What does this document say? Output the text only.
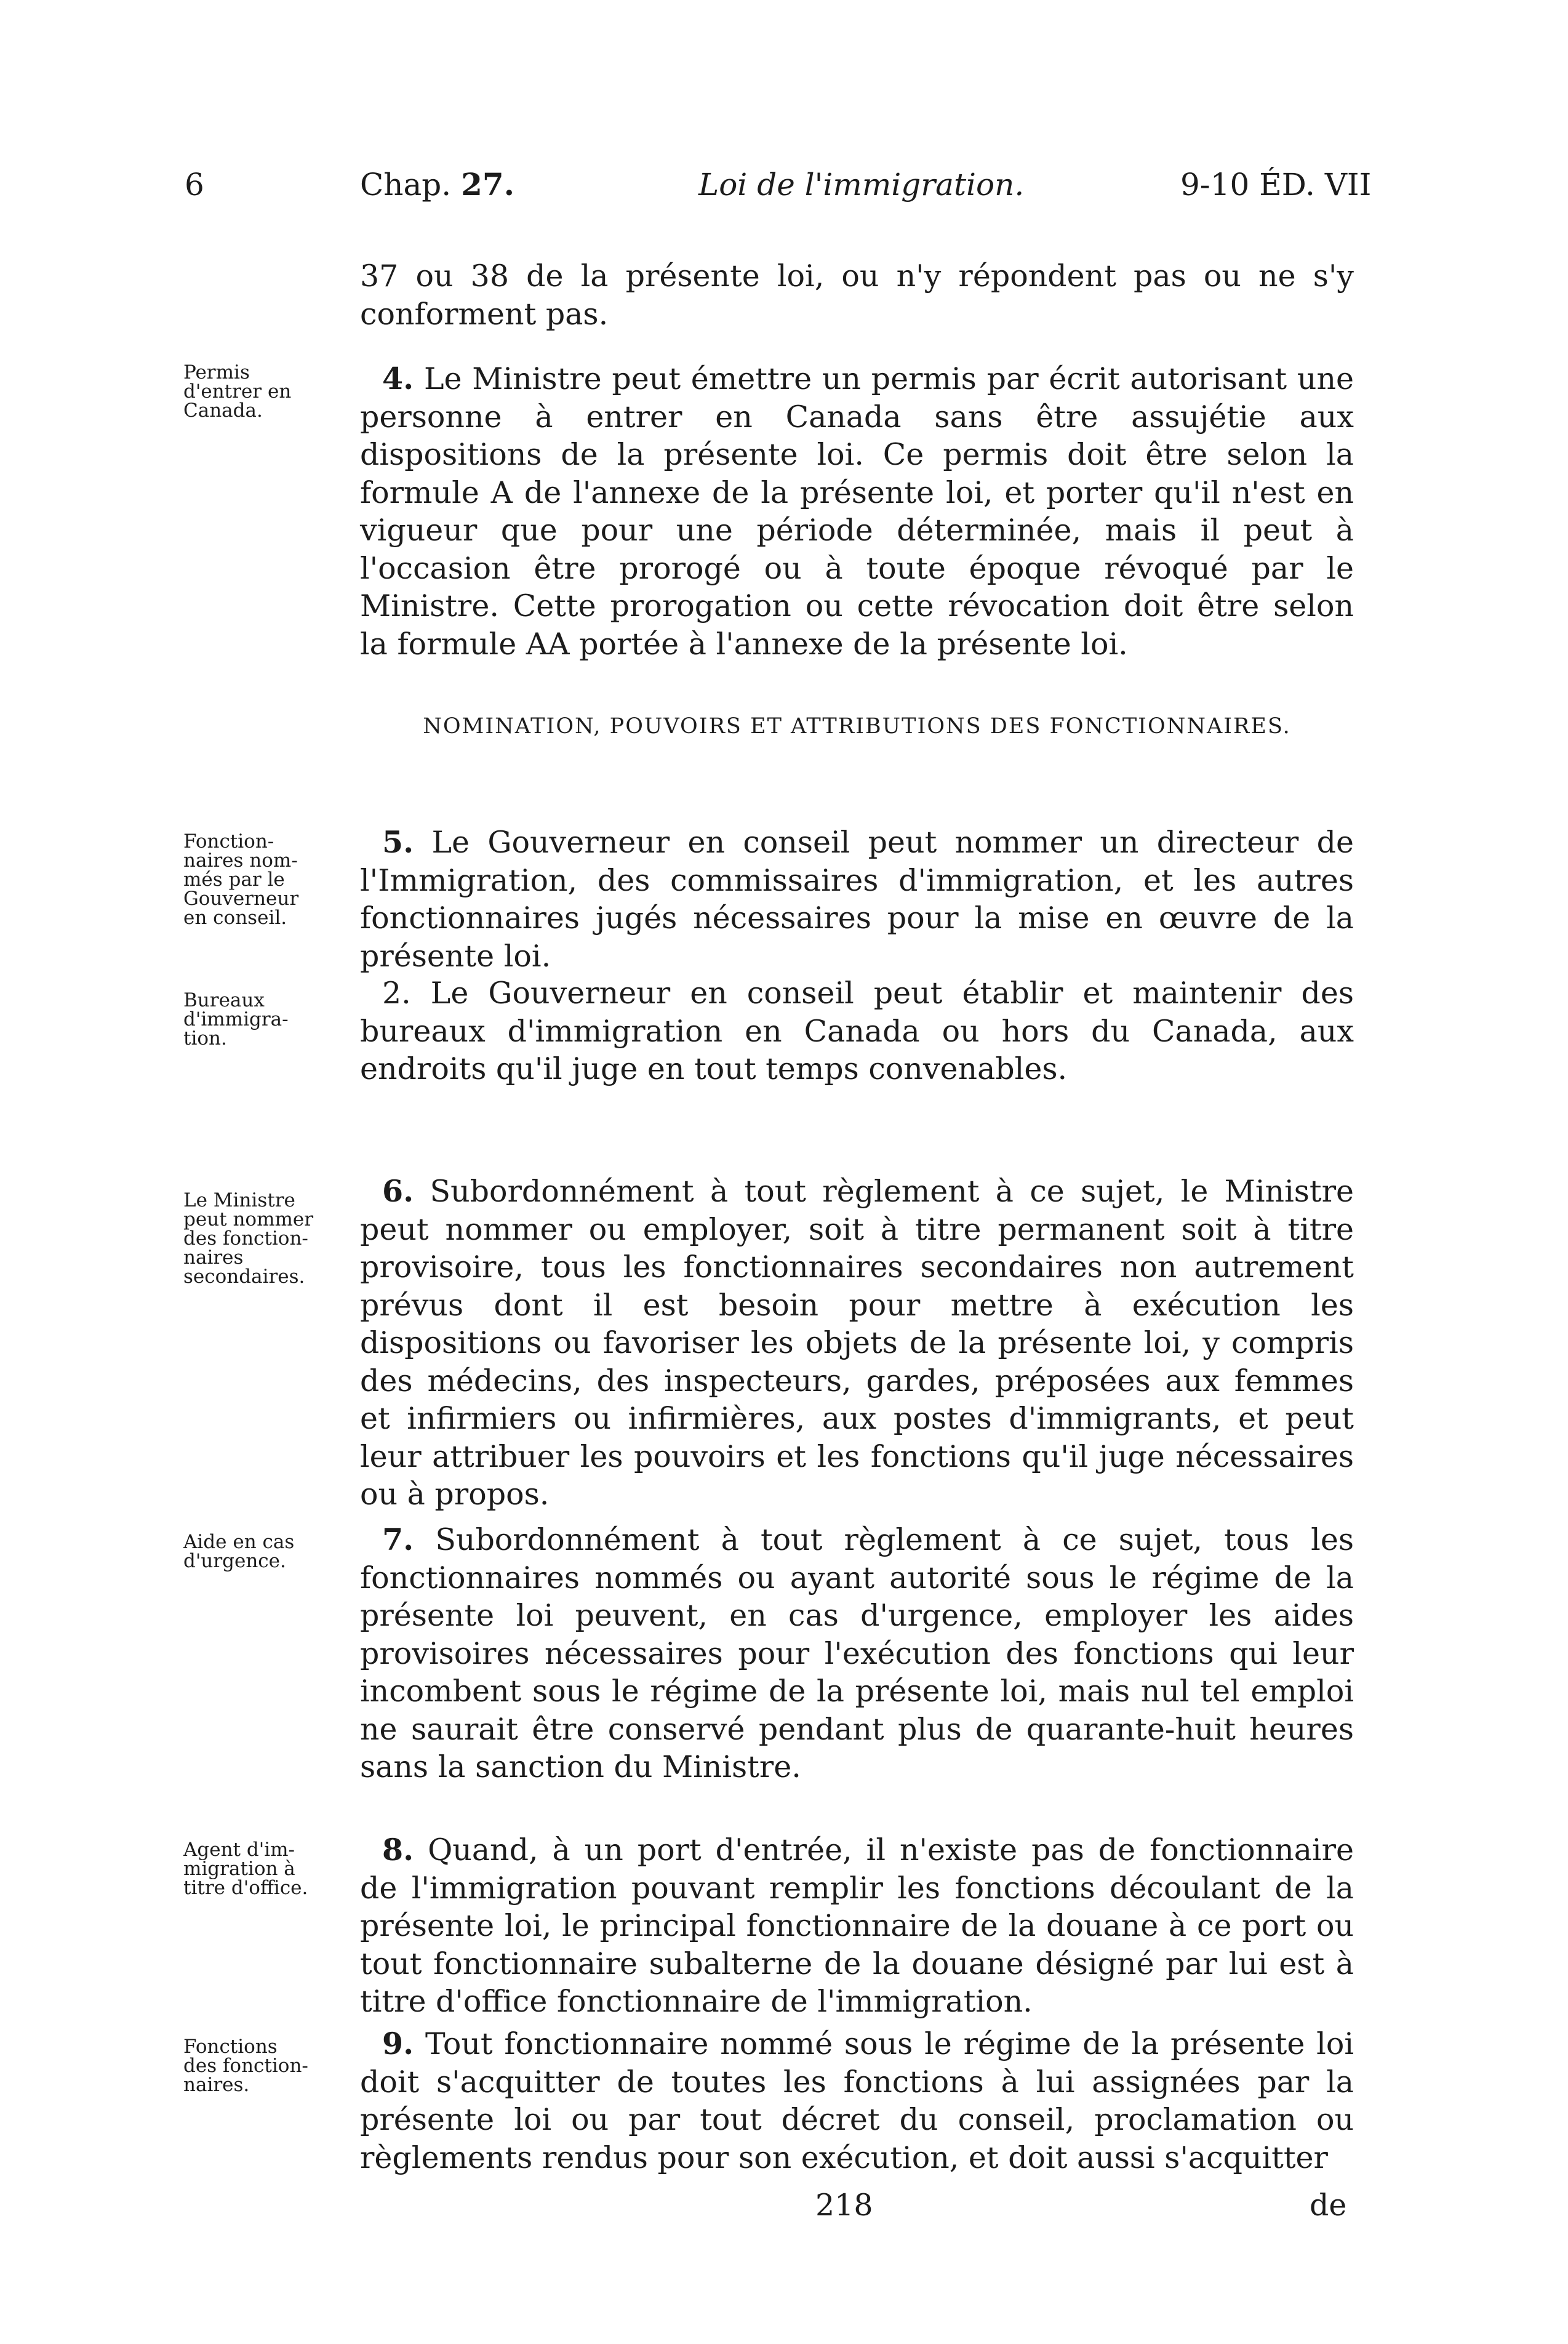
6	Chap. 27.	Loi de l'immigration.	9-10 ÉD. VII

37 ou 38 de la présente loi, ou n'y répondent pas ou ne s'y conforment pas.

Permis
d'entrer en
Canada.

4. Le Ministre peut émettre un permis par écrit autorisant une personne à entrer en Canada sans être assujétie aux dispositions de la présente loi. Ce permis doit être selon la formule A de l'annexe de la présente loi, et porter qu'il n'est en vigueur que pour une période déterminée, mais il peut à l'occasion être prorogé ou à toute époque révoqué par le Ministre. Cette prorogation ou cette révocation doit être selon la formule AA portée à l'annexe de la présente loi.

NOMINATION, POUVOIRS ET ATTRIBUTIONS DES FONCTIONNAIRES.
Fonction-
naires nom-
més par le
Gouverneur
en conseil.

5. Le Gouverneur en conseil peut nommer un directeur de l'Immigration, des commissaires d'immigration, et les autres fonctionnaires jugés nécessaires pour la mise en œuvre de la présente loi.

Bureaux
d'immigra-
tion.

2. Le Gouverneur en conseil peut établir et maintenir des bureaux d'immigration en Canada ou hors du Canada, aux endroits qu'il juge en tout temps convenables.

Le Ministre
peut nommer
des fonction-
naires
secondaires.

6. Subordonnément à tout règlement à ce sujet, le Ministre peut nommer ou employer, soit à titre permanent soit à titre provisoire, tous les fonctionnaires secondaires non autrement prévus dont il est besoin pour mettre à exécution les dispositions ou favoriser les objets de la présente loi, y compris des médecins, des inspecteurs, gardes, préposées aux femmes et infirmiers ou infirmières, aux postes d'immigrants, et peut leur attribuer les pouvoirs et les fonctions qu'il juge nécessaires ou à propos.

Aide en cas
d'urgence.

7. Subordonnément à tout règlement à ce sujet, tous les fonctionnaires nommés ou ayant autorité sous le régime de la présente loi peuvent, en cas d'urgence, employer les aides provisoires nécessaires pour l'exécution des fonctions qui leur incombent sous le régime de la présente loi, mais nul tel emploi ne saurait être conservé pendant plus de quarante-huit heures sans la sanction du Ministre.

Agent d'im-
migration à
titre d'office.

8. Quand, à un port d'entrée, il n'existe pas de fonctionnaire de l'immigration pouvant remplir les fonctions découlant de la présente loi, le principal fonctionnaire de la douane à ce port ou tout fonctionnaire subalterne de la douane désigné par lui est à titre d'office fonctionnaire de l'immigration.

Fonctions
des fonction-
naires.

9. Tout fonctionnaire nommé sous le régime de la présente loi doit s'acquitter de toutes les fonctions à lui assignées par la présente loi ou par tout décret du conseil, proclamation ou règlements rendus pour son exécution, et doit aussi s'acquitter

218	de
